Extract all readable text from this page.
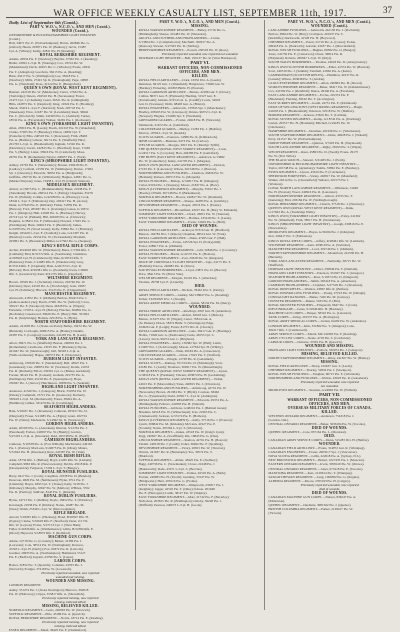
WAR OFFICE WEEKLY CASUALTY LIST, SEPTEMBER 11th, 1917.	37
Daily List of September 6th (Contd.).
PART V. W.O.'s, N.C.O.'s, AND MEN (Contd.).
WOUNDED (Contd.).
OXFORDSHIRE & BUCKINGHAMSHIRE LIGHT INFANTRY
(Contd.).
Hall, 34071 Pte. E. (Wolverhampton); Harris, 200846 Pte. G.
(Oxford); Hearn, 203871 Pte. W. (Banbury); Jarvis, 15487
Cpl. A. (Witney); Kemp, 32811 Pte. H. (Reading).
ROYAL BERKSHIRE REGIMENT.
Adams, 20934 Pte. F. (Newbury); Bayliss, 37562 Pte. J. (Reading);
Butler, 22891 L./Cpl. H. (Wantage); Cox, 18724 Pte. W.
(Maidenhead); Davis, 26915 Pte. C. (Windsor); Evans, 29341
Pte. T. (Abingdon); Goodwin, 36215 Pte. A. (Reading);
Hunt, 43217 Pte. S. (Wallingford); Lee, 33618 Pte. J.
(Newbury); Mills, 27491 Sjt. R. (Wokingham); Page, 19863
Pte. G. (Thatcham); Rose, 41524 Pte. E. (Hungerford).
QUEEN'S OWN (ROYAL WEST KENT REGIMENT).
Bennett, 242158 Pte. W. (Maidstone); Carter, 17632 Pte. A.
(Tonbridge); Dawes, 204516 Pte. H. (Sevenoaks); Foster,
21473 Cpl. J. (Chatham); Grant, 36521 Pte. R. (Gillingham);
Hills, 242873 Pte. T. (Deptford); King, 19324 Pte. E. (Bromley);
Marsh, 33419 L./Cpl. F. (Dartford); Nash, 205718 Pte. S.
(Sheerness); Price, 22187 Pte. W. (Lewisham); Reed, 36942
Pte. C. (Woolwich); Smith, 241963 Pte. G. (Ashford); Turner,
18532 Pte. A. (Faversham); Walker, 34281 Pte. J. (Rochester).
KING'S OWN (YORKSHIRE LIGHT INFANTRY).
Allen, 23816 Pte. H. (Leeds); Booth, 201347 Pte. W. (Wakefield);
Clarke, 37265 Pte. F. (Barnsley); Dixon, 14892 Cpl. T.
(Pontefract); Ellis, 240518 Pte. J. (Doncaster); Firth, 28463
Pte. A. (Halifax); Gibson, 36174 Pte. E. (Sheffield); Hirst,
201763 L./Cpl. G. (Huddersfield); Ingham, 31592 Pte. R.
(Dewsbury); Jowett, 242815 Pte. C. (Bradford); Kaye, 17438
Pte. S. (Batley); Lister, 33916 Pte. W. (Castleford); Moss,
26781 Pte. H. (Rotherham); Naylor, 240937 Pte. J. (York).
KING'S (SHROPSHIRE LIGHT INFANTRY).
Ashley, 19763 Pte. T. (Shrewsbury); Bowen, 230418 Pte. E.
(Ludlow); Corfield, 21539 Pte. W. (Wellington); Davies, 17284
Sjt. J. (Oswestry); Edwards, 36952 Pte. A. (Bridgnorth);
Griffiths, 230716 Pte. R. (Whitchurch); Hughes, 24831 Pte. G.
(Market Drayton); Jones, 19458 L./Cpl. H. (Church Stretton).
MIDDLESEX REGIMENT.
Abbott, G/15873 Pte. C. (Hammersmith); Baker, 21938 Pte. F.
(Tottenham); Brooks, 266514 Pte. J. (Ealing); Chapman, 35276
Pte. W. (Enfield); Collins, G/42186 Pte. A. (Hornsey); Cook,
18342 L./Cpl. T. (Edmonton); Day, 203417 Pte. H. (Acton);
Dunn, G/27643 Pte. E. (Kilburn); Fisher, 31859 Pte. R.
(Harrow); Ford, 265937 Pte. S. (Uxbridge); Green, G/19374
Pte. J. (Islington); Hall, 41628 Pte. G. (Hackney); Harvey,
22716 Cpl. W. (Fulham); Hill, 266183 Pte. A. (Chiswick);
Hopkins, G/38451 Pte. F. (Willesden); Howard, 17925 Pte. C.
(Paddington); Hunt, 204613 Pte. T. (Brentford); James,
G/24785 Pte. H. (Wood Green); Kelly, 33862 Pte. J. (Finsbury);
Knight, 265429 L./Cpl. E. (Southall); Lane, G/41397 Pte. R.
(Hendon); Lewis, 29154 Pte. W. (Twickenham); Marshall,
203861 Pte. S. (Hounslow); Miller, G/17562 Pte. G. (Stepney).
KING'S ROYAL RIFLE CORPS.
Archer, R/24618 Rfn. W. (Winchester); Bates, C/7394 Rfn. J.
(Lambeth); Bird, R/31572 Rfn. A. (Southwark); Chambers,
A/203918 Cpl. H. (Camberwell); Dale, R/18743 Rfn. T.
(Battersea); Eden, C/12685 Rfn. E. (Wandsworth); Gray,
R/37216 Rfn. F. (Clapham); Hale, A/201574 L./Cpl. R.
(Brixton); Holt, R/29381 Rfn. G. (Peckham); Irwin, C/8926
Rfn. S. (Greenwich); Kent, R/41735 Rfn. C. (Deptford).
WILTSHIRE REGIMENT.
Brown, 18329 Pte. J. (Swindon); Chivers, 203746 Pte. W.
(Devizes); Dyer, 24518 Pte. A. (Trowbridge); Gale, 19637
Cpl. H. (Salisbury); Hiscock, 33125 Pte. E. (Chippenham).
MANCHESTER REGIMENT.
Ainsworth, 41872 Pte. T. (Oldham); Barlow, 302415 Pte. J.
(Ashton-under-Lyne); Booth, 27961 Pte. W. (Salford); Cross,
350217 Pte. F. (Stockport); Dean, 46328 Pte. A. (Wigan);
Entwistle, 17593 L./Cpl. H. (Bolton); Fletcher, 302861 Pte. G.
(Rochdale); Greenwood, 38426 Pte. E. (Bury); Hall, 351694
Pte. R. (Stalybridge); Holden, 22518 Pte. S. (Hyde).
NORTH STAFFORDSHIRE REGIMENT.
Adams, 241638 Pte. J. (Stoke-on-Trent); Bailey, 19472 Pte. W.
(Burslem); Colclough, 200915 Pte. A. (Hanley); Deakin,
24387 Pte. T. (Longton); Goodwin, 241293 Pte. H. (Leek).
YORK AND LANCASTER REGIMENT.
Allott, 38471 Pte. G. (Sheffield); Beever, 240816 Pte. J.
(Rotherham); Cawthorne, 23195 Pte. F. (Barnsley); Dyson,
201947 Pte. W. (Mexborough); Gill, 36528 L./Cpl. A.
(Wath-on-Dearne); Hague, 240573 Pte. E. (Doncaster).
DURHAM LIGHT INFANTRY.
Armstrong, 250618 Pte. T. (Sunderland); Bell, 43927 Pte. J.
(Gateshead); Carr, 200874 Pte. W. (Stockton); Dodds, 21653
Pte. R. (Durham); Elliott, 250391 Cpl. G. (Bishop Auckland);
Forster, 36142 Pte. H. (Consett); Graham, 201735 Pte. A.
(Darlington); Hall, 45218 Pte. E. (Spennymoor); Hope,
250947 Pte. J. (Jarrow); Hutchinson, 19386 Pte. S. (Seaham).
HIGHLAND LIGHT INFANTRY.
Anderson, 41326 Pte. J. (Glasgow); Black, 331852 Pte. W.
(Paisley); Campbell, 23715 Pte. D. (Greenock); Docherty,
330618 L./Cpl. M. (Motherwell); Fraser, 38264 Pte. A.
(Hamilton); Gillies, 331479 Pte. R. (Coatbridge).
SEAFORTH HIGHLANDERS.
Bain, S/18437 Pte. J. (Inverness); Cameron, 265917 Pte. D.
(Dingwall); Fraser, S/21685 Pte. A. (Elgin); Grant, 202734
Pte. W. (Nairn); Mackenzie, S/14392 Sjt. K. (Stornoway).
GORDON HIGHLANDERS.
Adam, 265183 Pte. G. (Aberdeen); Duncan, S/12764 Pte. J.
(Peterhead); Forbes, 240597 Pte. W. (Huntly); Gordon,
S/27419 L./Cpl. A. (Inverurie); Reid, 265748 Pte. R. (Banff).
CAMERON HIGHLANDERS.
Cameron, S/16538 Pte. A. (Fort William); MacDonald, 240163
Pte. J. (Portree); MacLean, S/24875 Pte. D. (Oban); Munro,
S/31942 Pte. H. (Inverness); Ross, 241587 Pte. W. (Tain).
ROYAL IRISH RIFLES.
Adair, 18734 Rfn. J. (Belfast); Boyd, 41265 Rfn. W. (Lisburn);
Campbell, 9863 Rfn. R. (Newtownards); Devlin, 43518 Rfn. P.
(Downpatrick); Ferguson, 17294 L./Cpl. T. (Bangor).
ROYAL MUNSTER FUSILIERS.
Barry, 6417 Pte. J. (Cork); Coughlan, 10538 Pte. D. (Bandon);
Donovan, 4826 Pte. M. (Skibbereen); Flynn, 9712 Pte. P.
(Limerick); Hayes, 6395 Cpl. T. (Tralee); Kelly, 5218 Pte. J.
(Killarney); Murphy, 10947 Pte. W. (Mallow); O'Brien, 3762
Pte. D. (Fermoy); Sullivan, 8143 Pte. C. (Kinsale).
ROYAL DUBLIN FUSILIERS.
Byrne, 24713 Pte. J. (Dublin); Doyle, 18452 Pte. T. (Wicklow);
Kavanagh, 21936 Pte. P. (Kildare); Nolan, 16287 Pte. M.
(Naas); Walsh, 25349 L./Cpl. W. (Dun Laoghaire).
RIFLE BRIGADE.
Arnold, S/18265 Rfn. C. (Hackney); Bond, B/20947 Rfn. H.
(Poplar); Clarke, S/32618 Rfn. F. (Stratford); Dean, Z/1734
Rfn. W. (Leyton); Evans, S/27153 Cpl. J. (West Ham);
Fuller, S/41826 Rfn. A. (Walthamstow); Gibbs, B/22384 Rfn. E.
(Ilford); Hayward, S/18972 Rfn. T. (Romford).
MACHINE GUN CORPS.
Atkins, 52718 Pte. G. (Coventry); Barker, 41396 Pte. J.
(Leicester); Cole, 38514 Pte. W. (Nottingham); Dawson,
47263 L./Cpl. H. (Derby); Fox, 61872 Pte. R. (Lincoln);
Gardner, 29635 Pte. A. (Northampton); Hammond, 55127
Pte. E. (Bedford); Ingram, 43796 Pte. S. (Luton).
LABOUR CORPS.
Baxter, 31852 Pte. T. (Ipswich); Coleman, 24763 Pte. J.
(Norwich); Foulger, 37418 Pte. W. (Lowestoft).
Previously reported wounded, now reported
wounded and missing.
WOUNDED AND MISSING.
LONDON REGIMENT.
Ashby, 351274 Pte. J. (Stoke Newington); Burrows, 392618
Pte. W. (Holloway); Cripps, 353817 Rfn. A. (Shoreditch).
Previously reported missing, now reported
missing, believed killed.
MISSING, BELIEVED KILLED.
NORFOLK REGIMENT.—Gotts, 240963 Pte. W. (Norwich).
SUFFOLK REGIMENT.—Ellis, 43186 Pte. A. (Ipswich).
ROYAL BERKSHIRE REGIMENT.—Norris, 18714 Pte. E. (Reading).
Previously reported missing, now reported
missing, believed killed.
ESSEX REGIMENT.—Mead, 36425 Pte. F. (Chelmsford).
PART V. W.O.'s, N.C.O.'s, AND MEN (Contd.).
MISSING.
ROYAL WARWICKSHIRE REGIMENT.—Bailey, 25716 Pte. G.
(Birmingham); Sharpe, 201483 Pte. W. (Nuneaton).
ARGYLL AND SUTHERLAND HIGHLANDERS.—Currie,
S/13824 Pte. J. (Campbeltown); MacNeill, 300917 Pte. A.
(Dunoon); Stewart, S/27563 Pte. D. (Stirling).
HEREFORDSHIRE REGIMENT.—Powell, 236518 Pte. W. (Ross).
Previously reported wounded, now reported not wounded.
DURHAM LIGHT INFANTRY.—Bell, 250137 Pte. R. (West Hartlepool).
PART VI.
WARRANT OFFICERS, NON-COMMISSIONED
OFFICERS, AND MEN.
KILLED.
ROYAL FIELD ARTILLERY.—Clark, 16352 Dvr. A. (Leeds);
Dennison, 84125 Gnr. J. (Wakefield); Hargreaves, 73948 Gnr. W.
(Burnley); Pickering, 101863 Bmbr. H. (Preston).
ROYAL GARRISON ARTILLERY.—Barnes, 42186 Gnr. T. (Dover);
Collins, 86371 Gnr. F. (Plymouth); Harding, 31527 Gnr. E.
(Portsmouth); Jenkins, 97254 Cpl. G. (Cardiff); Lewis, 52618
Gnr. D. (Swansea); Webb, 68493 Gnr. A. (Bristol).
ROYAL ENGINEERS.—Ashworth, 137845 Spr. J. (Manchester);
Bradley, 208163 Pnr. W. (Liverpool); Davies, 96372 L./Cpl. R.
(Newport); Hughes, 152486 Spr. T. (Wrexham).
GRENADIER GUARDS.—Fowler, 24918 Pte. H. (Warwick);
Simmonds, 31672 Pte. A. (Guildford).
COLDSTREAM GUARDS.—Hartley, 15283 Pte. J. (Halifax);
Morton, 19764 L./Cpl. W. (Kendal).
SCOTS GUARDS.—Paterson, 14386 Pte. R. (Kilmarnock).
IRISH GUARDS.—Brennan, 9473 Pte. M. (Carlow).
WELSH GUARDS.—Morgan, 3815 Pte. E. (Merthyr Tydfil).
THE QUEEN'S (ROYAL WEST SURREY REGIMENT).—Cook,
G/24517 Pte. S. (Croydon); Hart, 204386 Pte. F. (Guildford).
THE BUFFS (EAST KENT REGIMENT).—Ashdown, G/13682
Pte. W. (Canterbury); Kemp, 241795 Pte. J. (Margate).
KING'S OWN (ROYAL LANCASTER REGIMENT).—Dobson,
27163 Pte. T. (Lancaster); Wilson, 201548 Pte. J. (Barrow).
NORTHUMBERLAND FUSILIERS.—Charlton, 43826 Pte. W.
(Hexham); Robson, 290715 Pte. G. (Morpeth).
ROYAL FUSILIERS.—Bishop, G/52817 Pte. H. (Islington);
Carter, 63194 Pte. J. (Stepney); Moore, 21847 Pte. A. (Bow).
KING'S (LIVERPOOL REGIMENT).—Murphy, 35912 Pte. J.
(Bootle); O'Neill, 307148 Pte. P. (Birkenhead).
NORFOLK REGIMENT.—Howes, 240817 Pte. W. (Dereham).
LINCOLNSHIRE REGIMENT.—Sharpe, 41683 Pte. A. (Grimsby).
DEVONSHIRE REGIMENT.—Vosper, 20574 Pte. J. (Exeter).
SUFFOLK REGIMENT.—Bloomfield, 43197 Pte. H. (Bury St. Edmunds).
SOMERSET LIGHT INFANTRY.—Chard, 26815 Pte. W. (Taunton).
WEST YORKSHIRE REGIMENT.—Holmes, 235418 Pte. T. (Leeds).
EAST YORKSHIRE REGIMENT.—Porter, 31629 Pte. G. (Hull).
DIED OF WOUNDS.
ROYAL FIELD ARTILLERY.—Ackroyd, 97316 Gnr. H. (Bradford);
Benson, 104782 Dvr. J. (Ripon); Chapman, 68514 Gnr. W. (York).
ROYAL GARRISON ARTILLERY.—Dunn, 47265 Gnr. F. (Hull).
ROYAL ENGINEERS.—Evans, 143726 Spr. D. (Pontypridd);
Foster, 228917 Pnr. A. (Oldham).
ROYAL WARWICKSHIRE REGIMENT.—Gill, 32846 Pte. J. (Coventry).
ROYAL FUSILIERS.—Harris, G/41537 Pte. E. (Hoxton).
EAST SURREY REGIMENT.—Ives, 29618 Pte. W. (Kingston).
DUKE OF CORNWALL'S LIGHT INFANTRY.—Jago, 24175 Pte. T.
(Bodmin); Pascoe, 240683 Pte. R. (Truro).
SOUTH WALES BORDERERS.—Lloyd, 23871 Pte. D. (Brecon);
Price, 38415 Pte. W. (Ebbw Vale).
WELSH REGIMENT.—Morgan, 45216 Pte. J. (Aberdare);
Thomas, 29738 Cpl. E. (Llanelly).
DIED.
ROYAL FIELD ARTILLERY.—Nichols, 78461 Dvr. S. (Derby).
ARMY SERVICE CORPS.—Oakley, M2/138647 Pte. G. (Reading);
Parker, T4/061825 Dvr. J. (Slough).
ROYAL ARMY MEDICAL CORPS.—Quinn, 58134 Pte. M. (Derry).
WOUNDED.
ROYAL HORSE ARTILLERY.—Rawlings, 2847 Gnr. H. (Aldershot).
ROYAL FIELD ARTILLERY.—Abbott, 92618 Gnr. J. (Bolton);
Barnes, 113475 Dvr. W. (Wigan); Carter, 76814 Gnr. A.
(St. Helens); Dixon, 58372 Bmbr. T. (Warrington); Edge,
104926 Gnr. F. (Leigh); Foster, 81753 Dvr. R. (Chorley).
ROYAL GARRISON ARTILLERY.—Gale, 39417 Gnr. E. (Hastings);
Hobbs, 71826 Gnr. G. (Eastbourne); Ivens, 48153 Cpl. S.
(Lewes); Jarvis, 96274 Gnr. C. (Brighton).
ROYAL ENGINEERS.—Kirby, 156382 Spr. W. (Hull); Lamb,
213487 Pnr. J. (Scarborough); Mason, 127634 Spr. H. (Whitby).
GRENADIER GUARDS.—Nash, 26184 Pte. A. (Gloucester).
COLDSTREAM GUARDS.—Orton, 17925 Pte. T. (Stafford).
SCOTS GUARDS.—Pringle, 12738 Pte. R. (Galashiels).
ROYAL SCOTS.—Ramsay, 351724 Pte. D. (Edinburgh); Scott,
43186 Pte. J. (Leith); Thomson, 302917 Pte. W. (Musselburgh).
THE QUEEN'S (ROYAL WEST SURREY REGIMENT).—Upton,
G/36518 Pte. F. (Farnham); Vincent, 203874 Pte. H. (Godalming).
KING'S OWN (ROYAL LANCASTER REGIMENT).—Walsh,
24613 Pte. P. (Morecambe); Yates, 240815 Pte. J. (Ulverston).
NORTHUMBERLAND FUSILIERS.—Armstrong, 42716 Pte. W.
(Newcastle); Brown, 291384 Pte. T. (Blyth); Coulson, 38462
Pte. G. (Tynemouth); Dodd, 203617 L./Cpl. R. (Ashington).
ROYAL WARWICKSHIRE REGIMENT.—Edwards, 29374 Pte. A.
(Birmingham); Fellows, 241863 Pte. H. (Walsall).
ROYAL FUSILIERS.—Gibbons, G/48216 Pte. J. (Bethnal Green);
Hawkins, 64518 Pte. W. (Whitechapel); Ives, 21963 Pte. C.
(Clerkenwell); Jackson, G/53174 Pte. E. (Holborn).
KING'S (LIVERPOOL REGIMENT).—Kelly, 37516 Pte. J. (Everton);
Lynch, 306842 Pte. M. (Kirkdale); McCann, 41927 Pte. P.
(Toxteth); Nolan, 307264 L./Cpl. T. (Wavertree).
NORFOLK REGIMENT.—Oakes, 43518 Pte. W. (King's Lynn);
Pegg, 240627 Pte. A. (Swaffham); Rix, 19843 Pte. G. (Diss).
LINCOLNSHIRE REGIMENT.—Skelton, 42761 Pte. H. (Boston);
Tindall, 240318 Pte. J. (Louth); Usher, 36492 Pte. F. (Spalding).
DEVONSHIRE REGIMENT.—Vicary, 20815 Pte. W. (Tiverton);
Warren, 241637 Pte. R. (Barnstaple); Yeo, 30574 Pte. T.
(Bideford).
SUFFOLK REGIMENT.—Ablett, 43925 Pte. E. (Sudbury);
Bugg, 240736 Pte. C. (Stowmarket); Clover, 21648 Pte. J.
(Halesworth); Dade, 43271 L./Cpl. S. (Beccles).
SOMERSET LIGHT INFANTRY.—Eames, 26318 Pte. A. (Bath);
Farrant, 240985 Pte. H. (Yeovil); Gunning, 33147 Pte. W.
(Bridgwater); Hext, 203516 Pte. G. (Frome).
WEST YORKSHIRE REGIMENT.—Illingworth, 235817 Pte. J.
(Keighley); Jagger, 42516 Pte. T. (Otley); Kitson, 201648
Pte. E. (Harrogate); Lumb, 38127 Pte. W. (Shipley).
EAST YORKSHIRE REGIMENT.—Marr, 31742 Pte. F. (Beverley);
Nicholson, 203815 Pte. R. (Bridlington); Oxtoby, 36248 Pte. J.
(Driffield); Pearson, 240673 L./Cpl. H. (Goole).
PART VI. W.O.'s, N.C.O.'s, AND MEN (Contd.).
WOUNDED (Contd.).
LANCASHIRE FUSILIERS.—Ashworth, 242158 Pte. J. (Rochdale);
Barlow, 38624 Pte. W. (Bury); Crompton, 201937 Pte. T.
(Radcliffe); Duckworth, 41528 Pte. H. (Heywood).
CHESHIRE REGIMENT.—Eaton, 52716 Pte. A. (Crewe); Foden,
290418 Pte. G. (Nantwich); Garside, 43187 Pte. J. (Macclesfield).
ROYAL WELSH FUSILIERS.—Hughes, 60382 Pte. O. (Bangor);
Jones, 241756 Pte. E. (Carnarvon); Owen, 36814 Pte. R.
(Holyhead); Roberts, 200947 L./Cpl. W. (Rhyl).
SOUTH WALES BORDERERS.—Thomas, 24618 Pte. D. (Abergavenny).
KING'S OWN SCOTTISH BORDERERS.—Elliot, 22374 Pte. W. (Hawick);
Scott, 240519 Pte. J. (Selkirk); Turnbull, 41862 Pte. A. (Kelso).
CAMERONIANS (SCOTTISH RIFLES).—Hamilton, 40137 Pte. R.
(Lanark); Wilson, 203648 Pte. T. (Airdrie).
GLOUCESTERSHIRE REGIMENT.—Allen, 240863 Pte. H. (Stroud).
WORCESTERSHIRE REGIMENT.—Baker, 36417 Pte. W. (Kidderminster);
Cox, 241582 Pte. J. (Redditch); Dance, 29346 Pte. A. (Evesham).
EAST LANCASHIRE REGIMENT.—Eccles, 201374 Pte. F.
(Blackburn); Fielding, 38162 Pte. T. (Accrington).
EAST SURREY REGIMENT.—Gould, 24731 Pte. E. (Richmond).
DUKE OF WELLINGTON'S (WEST RIDING REGIMENT).—Haigh,
241693 Pte. J. (Huddersfield); Ibbotson, 32518 Pte. W. (Halifax).
BORDER REGIMENT.—Jackson, 23816 Pte. T. (Carlisle).
ROYAL SUSSEX REGIMENT.—Kemp, G/18742 Pte. A. (Worthing);
Lusted, 203517 Pte. H. (Horsham); Mitchell, G/24185 Pte. W.
(Chichester).
HAMPSHIRE REGIMENT.—Newman, 201936 Pte. C. (Winchester).
SOUTH STAFFORDSHIRE REGIMENT.—Orme, 40628 Pte. J. (Walsall);
Perry, 241517 Pte. W. (Wolverhampton).
DORSETSHIRE REGIMENT.—Quinton, 3/7418 Pte. H. (Weymouth).
SOUTH LANCASHIRE REGIMENT.—Rigby, 28163 Pte. T. (Wigan).
WELSH REGIMENT.—Rees, 45893 Pte. D. (Neath); Evans, 29175
Pte. W. (Port Talbot).
THE BLACK WATCH.—Stewart, S/21483 Pte. J. (Perth).
OXFORDSHIRE & BUCKINGHAMSHIRE LIGHT INFANTRY.—
Taylor, 201748 Pte. A. (Aylesbury); Tombs, 33862 Pte. E. (Banbury).
ESSEX REGIMENT.—Upson, 43619 Pte. F. (Colchester).
SHERWOOD FORESTERS.—Varley, 240817 Pte. W. (Mansfield);
Walker, 26314 Pte. G. (Chesterfield); Webster, 201573 Pte. J.
(Worksop).
LOYAL NORTH LANCASHIRE REGIMENT.—Wilkinson, 31648
Pte. H. (Preston); Wood, 240916 Pte. R. (Lancaster).
NORTHAMPTONSHIRE REGIMENT.—Abbott, 43725 Pte. T.
(Kettering); Bird, 203184 Pte. W. (Wellingborough).
ROYAL BERKSHIRE REGIMENT.—Church, 37518 Pte. J. (Newbury).
QUEEN'S OWN (ROYAL WEST KENT REGIMENT).—Dunk,
G/17843 Pte. A. (Tunbridge Wells).
KING'S OWN (YORKSHIRE LIGHT INFANTRY).—Exley, 241362
Pte. W. (Wakefield); Firth, 38517 Pte. H. (Normanton).
KING'S (SHROPSHIRE LIGHT INFANTRY).—Gough, 230816 Pte. E.
(Shrewsbury).
MIDDLESEX REGIMENT.—Hayes, G/36184 Pte. J. (Islington);
Ince, 266417 Pte. T. (Edmonton).
KING'S ROYAL RIFLE CORPS.—Jeffery, R/28461 Rfn. W. (Lambeth).
WILTSHIRE REGIMENT.—Kent, 203819 Pte. A. (Swindon).
MANCHESTER REGIMENT.—Lord, 302746 Pte. J. (Oldham).
NORTH STAFFORDSHIRE REGIMENT.—Mountford, 241538 Pte. H.
(Burslem).
YORK AND LANCASTER REGIMENT.—Nettleship, 38715 Pte. W.
(Sheffield).
DURHAM LIGHT INFANTRY.—Oliver, 250846 Pte. T. (Durham).
HIGHLAND LIGHT INFANTRY.—Paterson, 331927 Pte. J. (Glasgow).
SEAFORTH HIGHLANDERS.—Ross, S/19374 Pte. D. (Dingwall).
GORDON HIGHLANDERS.—Smith, 265418 Pte. A. (Aberdeen).
CAMERON HIGHLANDERS.—Urquhart, S/27318 Pte. J. (Inverness).
ROYAL IRISH RIFLES.—Wallace, 43867 Rfn. R. (Belfast).
ROYAL INNISKILLING FUSILIERS.—Young, 27193 Pte. W. (Omagh).
CONNAUGHT RANGERS.—Burke, 7426 Pte. M. (Galway).
LEINSTER REGIMENT.—Dunne, 5183 Pte. P. (Birr).
ROYAL MUNSTER FUSILIERS.—Fitzgerald, 9647 Pte. J. (Cork).
RIFLE BRIGADE.—Gates, S/31846 Rfn. H. (Hackney).
MACHINE GUN CORPS.—Harper, 58316 Pte. G. (Leicester).
TANK CORPS.—Irving, 201537 Pte. A. (Bovington).
ROYAL ARMY MEDICAL CORPS.—Jordan, 64182 Pte. W. (Aldershot).
LONDON REGIMENT.—Kirk, 351862 Pte. T. (Islington); Lane,
392417 Rfn. J. (Camberwell).
ARMY SERVICE CORPS.—Marsh, M2/141863 Pte. F. (Reading).
ARMY CYCLIST CORPS.—Neale, 4718 Pte. S. (Colchester).
LABOUR CORPS.—Osborne, 37261 Pte. H. (Ipswich).
WOUNDED AND MISSING.
HIGHLAND LIGHT INFANTRY.—Pollock, 330974 Pte. J. (Glasgow).
MISSING, BELIEVED KILLED.
NORTH STAFFORDSHIRE REGIMENT.—Riley, 241827 Pte. W. (Hanley).
MISSING.
ROYAL FIELD ARTILLERY.—Sharp, 102637 Gnr. T. (Leeds).
CHESHIRE REGIMENT.—Thorley, 52834 Pte. J. (Stockport).
ROYAL WELSH FUSILIERS.—Vaughan, 60715 Pte. E. (Wrexham).
NORTHUMBERLAND FUSILIERS.—Walton, 43918 Pte. R. (Gateshead).
Previously reported wounded, now reported
not wounded.
MIDDLESEX REGIMENT.—Yeoman, G/24863 Pte. W. (Fulham).
PART VII.
WARRANT OFFICERS, NON-COMMISSIONED
OFFICERS, AND MEN.
OVERSEAS MILITARY FORCES OF CANADA.
KILLED.
WESTERN ONTARIO REGIMENT.—Anderson, 754318 Pte. J.
(London, Ont.).
CENTRAL ONTARIO REGIMENT.—Baker, 3036184 Pte. W. (Toronto).
DIED OF WOUNDS.
QUEBEC REGIMENT.—Cote, 837164 Pte. L. (Montreal).
DIED.
CANADIAN ARMY SERVICE CORPS.—Dunn, 515283 Dvr. H. (Halifax).
WOUNDED.
CANADIAN FIELD ARTILLERY.—Evans, 314872 Gnr. R. (Winnipeg).
CANADIAN ENGINEERS.—Fraser, 2003517 Spr. J. (Vancouver).
NOVA SCOTIA REGIMENT.—Gillis, 222618 Pte. A. (Sydney, N.S.).
NEW BRUNSWICK REGIMENT.—Hebert, 1027435 Pte. J. (Moncton).
EASTERN ONTARIO REGIMENT.—Irwin, 3058126 Pte. W. (Ottawa).
CENTRAL ONTARIO REGIMENT.—Jones, 675218 Pte. E. (Toronto).
MANITOBA REGIMENT.—Kerr, 2129614 Pte. T. (Winnipeg).
SASKATCHEWAN REGIMENT.—Lang, 1069382 Pte. G. (Regina).
ALBERTA REGIMENT.—Moore, 2765193 Pte. H. (Calgary).
Previously reported wounded, now reported
died of wounds.
DIED OF WOUNDS.
CANADIAN MACHINE GUN CORPS.—Nelson, 836247 Pte. A.
(Edmonton).
QUEBEC REGIMENT.—Ouellette, 3081562 Pte. J. (Quebec).
BRITISH COLUMBIA REGIMENT.—Parker, 2138417 Pte. W.
(Victoria).
